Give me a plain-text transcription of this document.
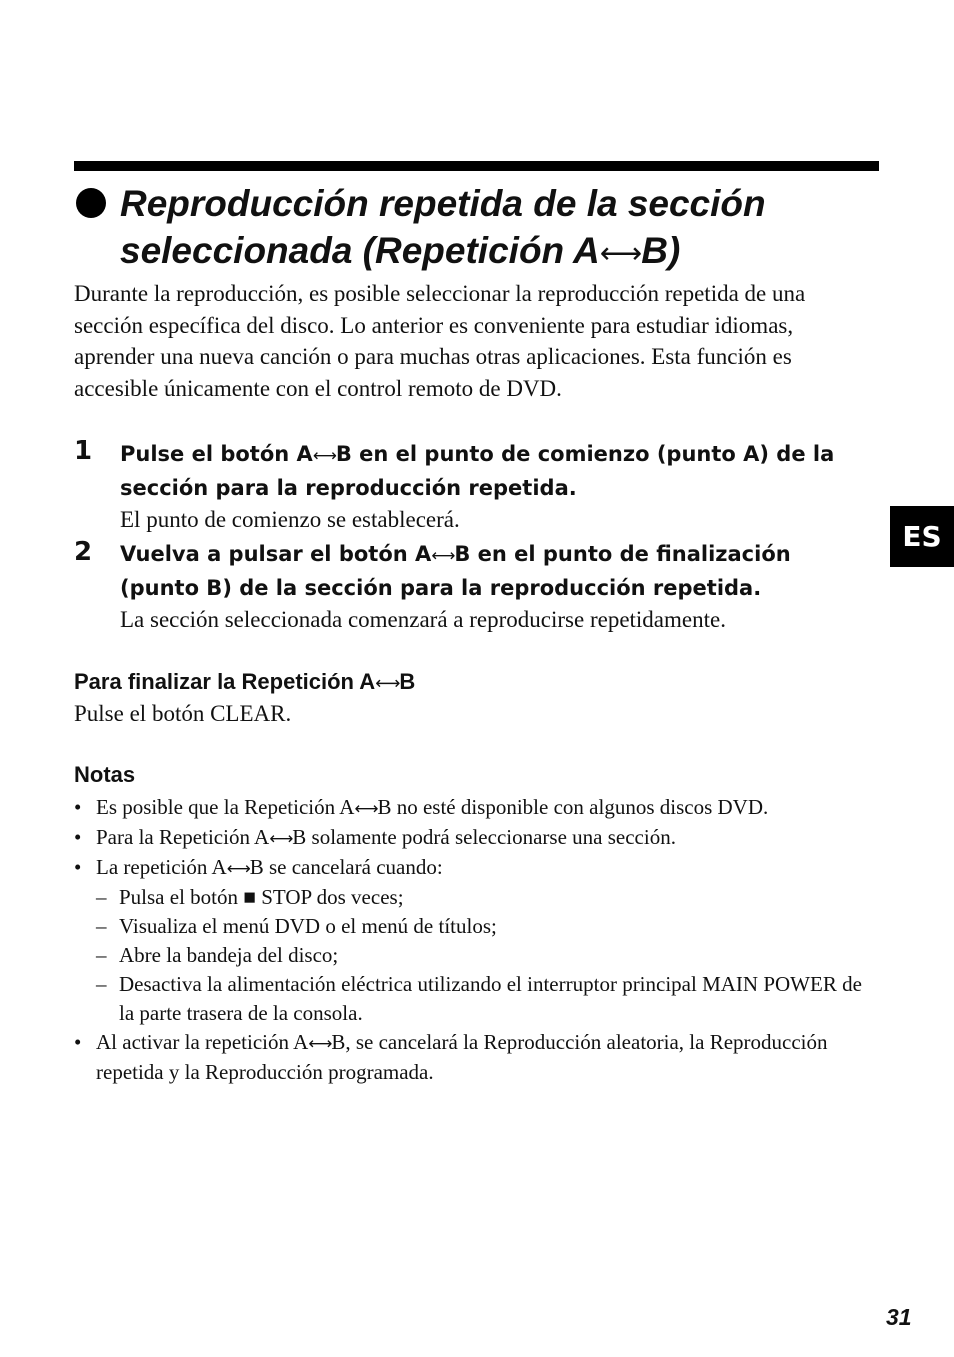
Reproducción repetida de la sección
seleccionada (Repetición A⟷B)

Durante la reproducción, es posible seleccionar la reproducción repetida de una sección específica del disco. Lo anterior es conveniente para estudiar idiomas, aprender una nueva canción o para muchas otras aplicaciones. Esta función es accesible únicamente con el control remoto de DVD.

1 Pulse el botón A⟷B en el punto de comienzo (punto A) de la
sección para la reproducción repetida.

El punto de comienzo se establecerá.

2 Vuelva a pulsar el botón A⟷B en el punto de finalización
(punto B) de la sección para la reproducción repetida.

La sección seleccionada comenzará a reproducirse repetidamente.

Para finalizar la Repetición A⟷B

Pulse el botón CLEAR.

Notas

• Es posible que la Repetición A⟷B no esté disponible con algunos discos DVD.
• Para la Repetición A⟷B solamente podrá seleccionarse una sección.
• La repetición A⟷B se cancelará cuando:
– Pulsa el botón ■ STOP dos veces;
– Visualiza el menú DVD o el menú de títulos;
– Abre la bandeja del disco;
– Desactiva la alimentación eléctrica utilizando el interruptor principal MAIN POWER de la parte trasera de la consola.
• Al activar la repetición A⟷B, se cancelará la Reproducción aleatoria, la Reproducción repetida y la Reproducción programada.
ES
31
